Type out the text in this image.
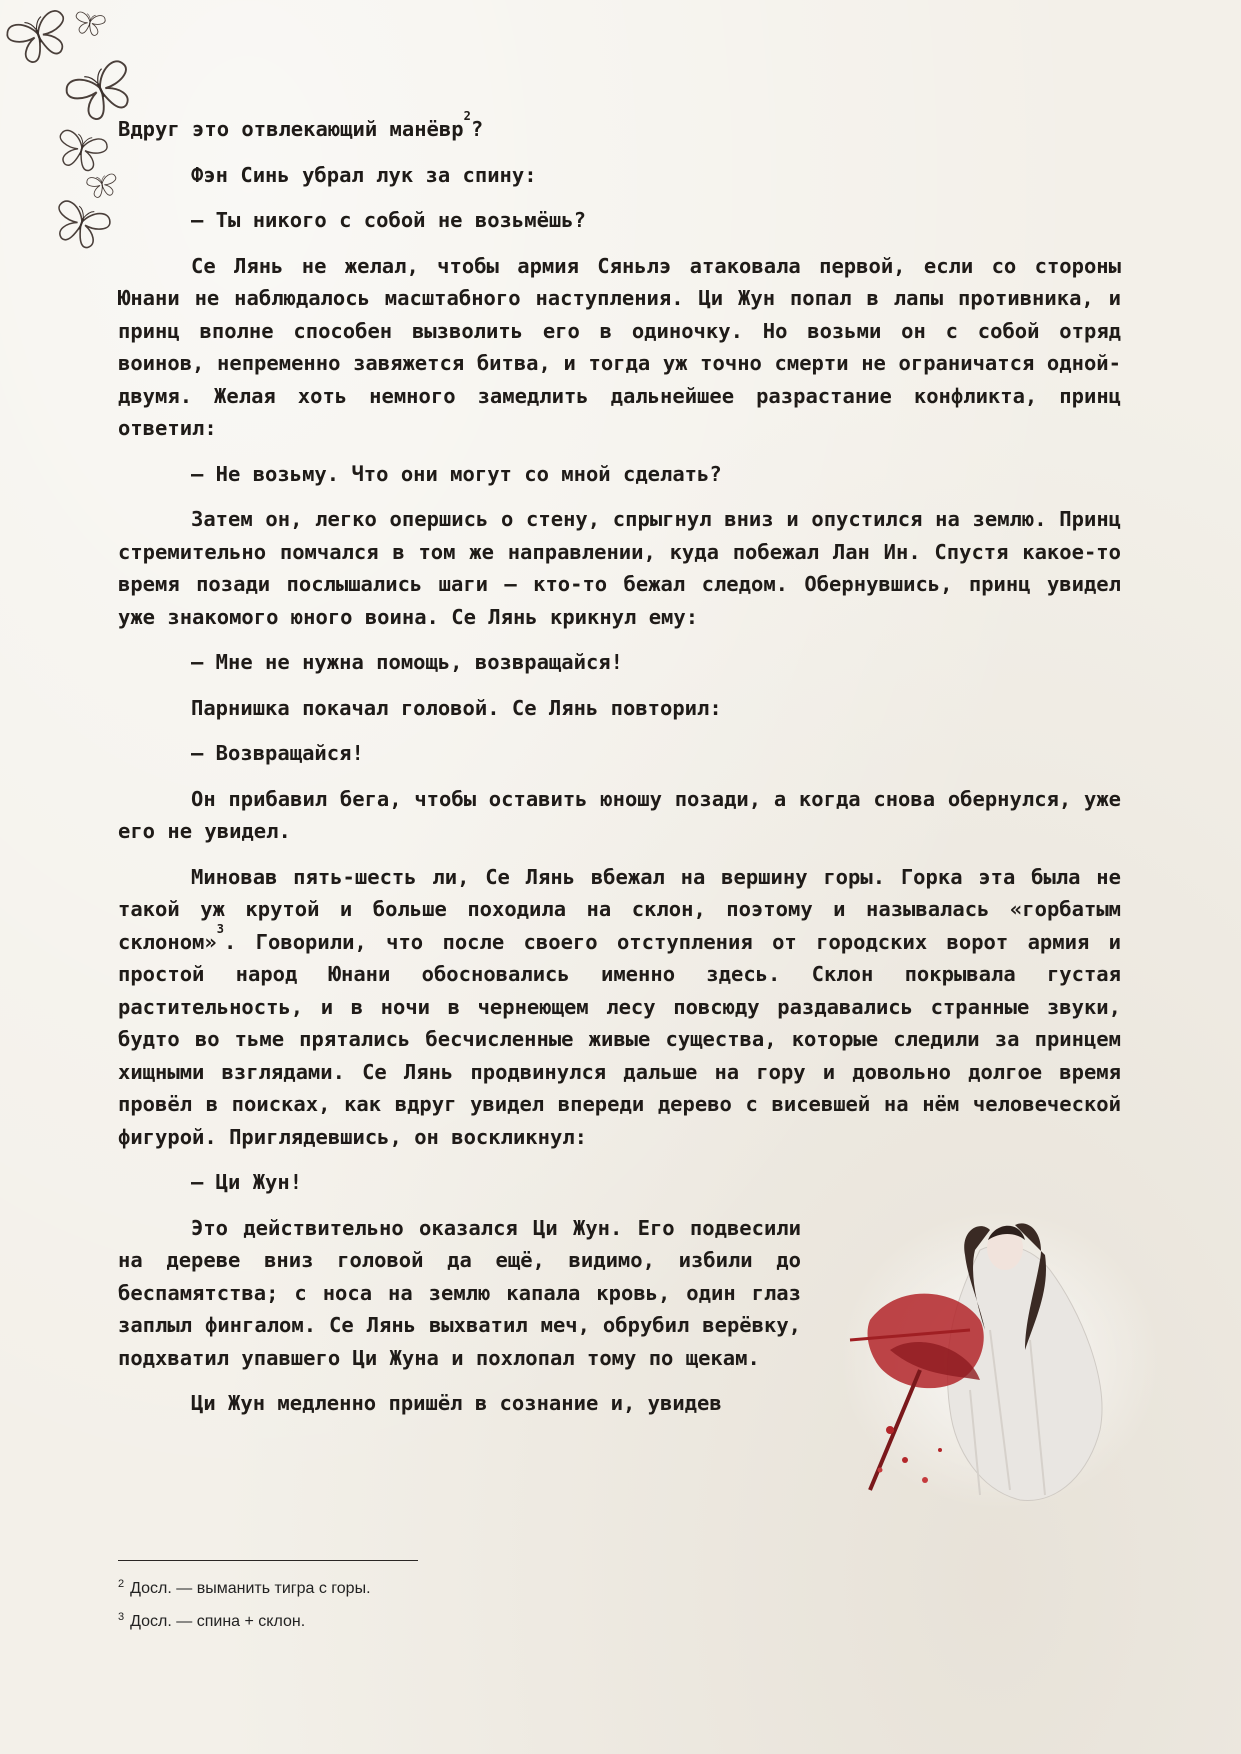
Вдруг это отвлекающий манёвр$^2$?

Фэн Синь убрал лук за спину:

— Ты никого с собой не возьмёшь?

Се Лянь не желал, чтобы армия Сяньлэ атаковала первой, если со стороны Юнани не наблюдалось масштабного наступления. Ци Жун попал в лапы противника, и принц вполне способен вызволить его в одиночку. Но возьми он с собой отряд воинов, непременно завяжется битва, и тогда уж точно смерти не ограничатся одной-двумя. Желая хоть немного замедлить дальнейшее разрастание конфликта, принц ответил:

— Не возьму. Что они могут со мной сделать?

Затем он, легко опершись о стену, спрыгнул вниз и опустился на землю. Принц стремительно помчался в том же направлении, куда побежал Лан Ин. Спустя какое-то время позади послышались шаги — кто-то бежал следом. Обернувшись, принц увидел уже знакомого юного воина. Се Лянь крикнул ему:

— Мне не нужна помощь, возвращайся!

Парнишка покачал головой. Се Лянь повторил:

— Возвращайся!

Он прибавил бега, чтобы оставить юношу позади, а когда снова обернулся, уже его не увидел.

Миновав пять-шесть ли, Се Лянь вбежал на вершину горы. Горка эта была не такой уж крутой и больше походила на склон, поэтому и называлась «горбатым склоном»$^3$. Говорили, что после своего отступления от городских ворот армия и простой народ Юнани обосновались именно здесь. Склон покрывала густая растительность, и в ночи в чернеющем лесу повсюду раздавались странные звуки, будто во тьме прятались бесчисленные живые существа, которые следили за принцем хищными взглядами. Се Лянь продвинулся дальше на гору и довольно долгое время провёл в поисках, как вдруг увидел впереди дерево с висевшей на нём человеческой фигурой. Приглядевшись, он воскликнул:

— Ци Жун!

Это действительно оказался Ци Жун. Его подвесили на дереве вниз головой да ещё, видимо, избили до беспамятства; с носа на землю капала кровь, один глаз заплыл фингалом. Се Лянь выхватил меч, обрубил верёвку, подхватил упавшего Ци Жуна и похлопал тому по щекам.

Ци Жун медленно пришёл в сознание и, увидев

$^2$ Досл. — выманить тигра с горы.
$^3$ Досл. — спина + склон.
